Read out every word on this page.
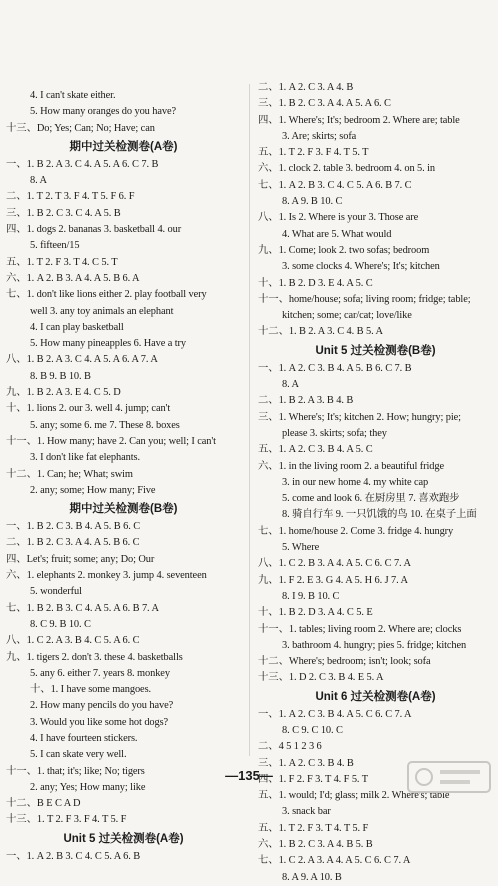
4. I can't skate either.
5. How many oranges do you have?
十三、Do; Yes; Can; No; Have; can
期中过关检测卷(A卷)
一、1. B 2. A 3. C 4. A 5. A 6. C 7. B
8. A
二、1. T 2. T 3. F 4. T 5. F 6. F
三、1. B 2. C 3. C 4. A 5. B
四、1. dogs 2. bananas 3. basketball 4. our
5. fifteen/15
五、1. T 2. F 3. T 4. C 5. T
六、1. A 2. B 3. A 4. A 5. B 6. A
七、1. don't like lions either 2. play football very
well 3. any toy animals an elephant
4. I can play basketball
5. How many pineapples 6. Have a try
八、1. B 2. A 3. C 4. A 5. A 6. A 7. A
8. B 9. B 10. B
九、1. B 2. A 3. E 4. C 5. D
十、1. lions 2. our 3. well 4. jump; can't
5. any; some 6. me 7. These 8. boxes
十一、1. How many; have 2. Can you; well; I can't
3. I don't like fat elephants.
十二、1. Can; he; What; swim
2. any; some; How many; Five
期中过关检测卷(B卷)
一、1. B 2. C 3. B 4. A 5. B 6. C
二、1. B 2. C 3. A 4. A 5. B 6. C
四、Let's; fruit; some; any; Do; Our
六、1. elephants 2. monkey 3. jump 4. seventeen
5. wonderful
七、1. B 2. B 3. C 4. A 5. A 6. B 7. A
8. C 9. B 10. C
八、1. C 2. A 3. B 4. C 5. A 6. C
九、1. tigers 2. don't 3. these 4. basketballs
5. any 6. either 7. years 8. monkey
十、1. I have some mangoes.
2. How many pencils do you have?
3. Would you like some hot dogs?
4. I have fourteen stickers.
5. I can skate very well.
十一、1. that; it's; like; No; tigers
2. any; Yes; How many; like
十二、B E C A D
十三、1. T 2. F 3. F 4. T 5. F
Unit 5 过关检测卷(A卷)
一、1. A 2. B 3. C 4. C 5. A 6. B
二、1. A 2. C 3. A 4. B
三、1. B 2. C 3. A 4. A 5. A 6. C
四、1. Where's; It's; bedroom 2. Where are; table
3. Are; skirts; sofa
五、1. T 2. F 3. F 4. T 5. T
六、1. clock 2. table 3. bedroom 4. on 5. in
七、1. A 2. B 3. C 4. C 5. A 6. B 7. C
8. A 9. B 10. C
八、1. Is 2. Where is your 3. Those are
4. What are 5. What would
九、1. Come; look 2. two sofas; bedroom
3. some clocks 4. Where's; It's; kitchen
十、1. B 2. D 3. E 4. A 5. C
十一、home/house; sofa; living room; fridge; table;
kitchen; some; car/cat; love/like
十二、1. B 2. A 3. C 4. B 5. A
Unit 5 过关检测卷(B卷)
一、1. A 2. C 3. B 4. A 5. B 6. C 7. B
8. A
二、1. B 2. A 3. B 4. B
三、1. Where's; It's; kitchen 2. How; hungry; pie;
please 3. skirts; sofa; they
五、1. A 2. C 3. B 4. A 5. C
六、1. in the living room 2. a beautiful fridge
3. in our new home 4. my white cap
5. come and look 6. 在厨房里 7. 喜欢跑步
8. 骑自行车 9. 一只饥饿的鸟 10. 在桌子上面
七、1. home/house 2. Come 3. fridge 4. hungry
5. Where
八、1. C 2. B 3. A 4. A 5. C 6. C 7. A
九、1. F 2. E 3. G 4. A 5. H 6. J 7. A
8. I 9. B 10. C
十、1. B 2. D 3. A 4. C 5. E
十一、1. tables; living room 2. Where are; clocks
3. bathroom 4. hungry; pies 5. fridge; kitchen
十二、Where's; bedroom; isn't; look; sofa
十三、1. D 2. C 3. B 4. E 5. A
Unit 6 过关检测卷(A卷)
一、1. A 2. C 3. B 4. A 5. C 6. C 7. A
8. C 9. C 10. C
二、4 5 1 2 3 6
三、1. A 2. C 3. B 4. B
四、1. F 2. F 3. T 4. F 5. T
五、1. would; I'd; glass; milk 2. Where's; table
3. snack bar
五、1. T 2. F 3. T 4. T 5. F
六、1. B 2. C 3. A 4. B 5. B
七、1. C 2. A 3. A 4. A 5. C 6. C 7. A
8. A 9. A 10. B
—135—
